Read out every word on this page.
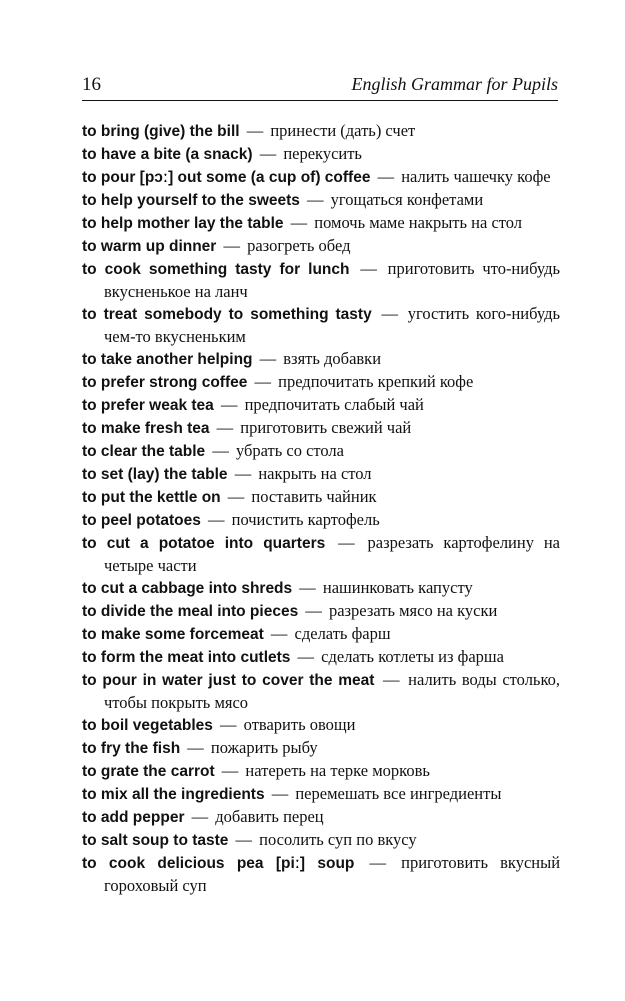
16	English Grammar for Pupils

to bring (give) the bill — принести (дать) счет

to have a bite (a snack) — перекусить

to pour [pɔː] out some (a cup of) coffee — налить чашечку кофе

to help yourself to the sweets — угощаться конфетами

to help mother lay the table — помочь маме накрыть на стол

to warm up dinner — разогреть обед

to cook something tasty for lunch — приготовить что-нибудь вкусненькое на ланч

to treat somebody to something tasty — угостить кого-нибудь чем-то вкусненьким

to take another helping — взять добавки

to prefer strong coffee — предпочитать крепкий кофе

to prefer weak tea — предпочитать слабый чай

to make fresh tea — приготовить свежий чай

to clear the table — убрать со стола

to set (lay) the table — накрыть на стол

to put the kettle on — поставить чайник

to peel potatoes — почистить картофель

to cut a potatoe into quarters — разрезать картофелину на четыре части

to cut a cabbage into shreds — нашинковать капусту

to divide the meal into pieces — разрезать мясо на куски

to make some forcemeat — сделать фарш

to form the meat into cutlets — сделать котлеты из фарша

to pour in water just to cover the meat — налить воды столько, чтобы покрыть мясо

to boil vegetables — отварить овощи

to fry the fish — пожарить рыбу

to grate the carrot — натереть на терке морковь

to mix all the ingredients — перемешать все ингредиенты

to add pepper — добавить перец

to salt soup to taste — посолить суп по вкусу

to cook delicious pea [piː] soup — приготовить вкусный гороховый суп
